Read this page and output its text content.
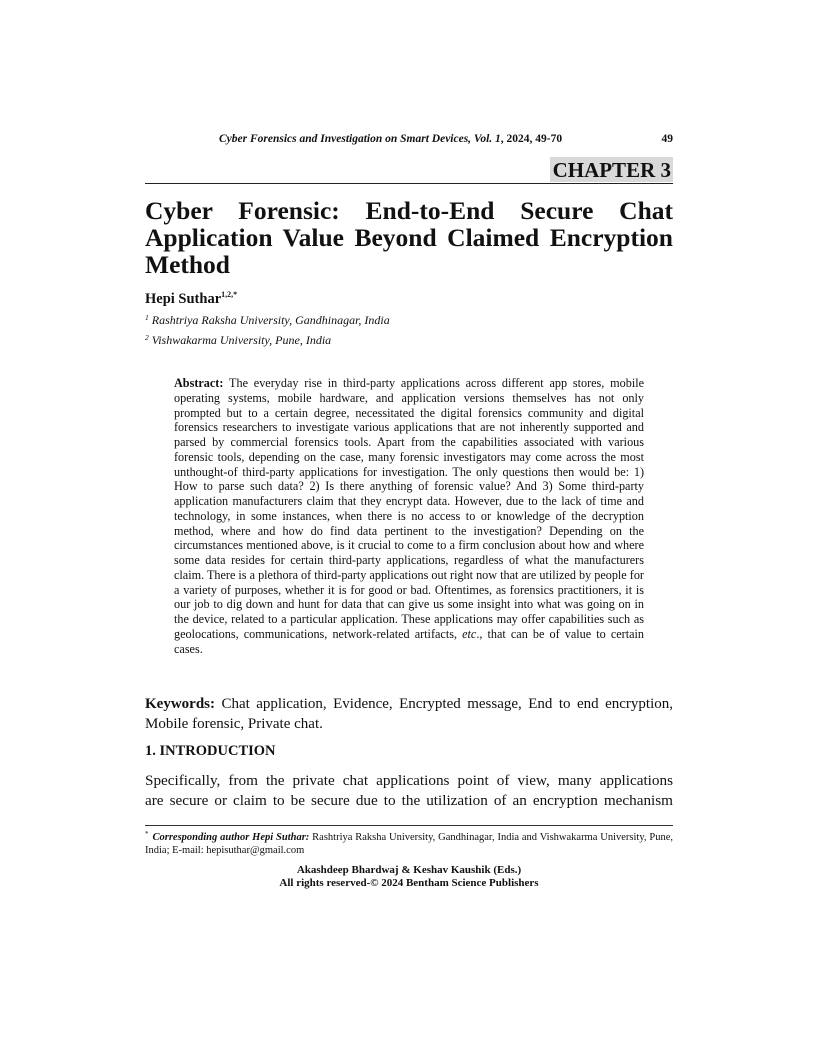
Cyber Forensics and Investigation on Smart Devices, Vol. 1, 2024, 49-70	49
CHAPTER 3
Cyber Forensic: End-to-End Secure Chat
Application Value Beyond Claimed Encryption
Method
Hepi Suthar$^{1,2,*}$
$^1$ Rashtriya Raksha University, Gandhinagar, India
$^2$ Vishwakarma University, Pune, India

Abstract: The everyday rise in third-party applications across different app stores, mobile operating systems, mobile hardware, and application versions themselves has not only prompted but to a certain degree, necessitated the digital forensics community and digital forensics researchers to investigate various applications that are not inherently supported and parsed by commercial forensics tools. Apart from the capabilities associated with various forensic tools, depending on the case, many forensic investigators may come across the most unthought-of third-party applications for investigation. The only questions then would be: 1) How to parse such data? 2) Is there anything of forensic value? And 3) Some third-party application manufacturers claim that they encrypt data. However, due to the lack of time and technology, in some instances, when there is no access to or knowledge of the decryption method, where and how do find data pertinent to the investigation? Depending on the circumstances mentioned above, is it crucial to come to a firm conclusion about how and where some data resides for certain third-party applications, regardless of what the manufacturers claim. There is a plethora of third-party applications out right now that are utilized by people for a variety of purposes, whether it is for good or bad. Oftentimes, as forensics practitioners, it is our job to dig down and hunt for data that can give us some insight into what was going on in the device, related to a particular application. These applications may offer capabilities such as geolocations, communications, network-related artifacts, etc., that can be of value to certain cases.

Keywords: Chat application, Evidence, Encrypted message, End to end encryption, Mobile forensic, Private chat.

1. INTRODUCTION

Specifically, from the private chat applications point of view, many applications
are secure or claim to be secure due to the utilization of an encryption mechanism

* Corresponding author Hepi Suthar: Rashtriya Raksha University, Gandhinagar, India and Vishwakarma University, Pune, India; E-mail: hepisuthar@gmail.com

Akashdeep Bhardwaj & Keshav Kaushik (Eds.)
All rights reserved-© 2024 Bentham Science Publishers
